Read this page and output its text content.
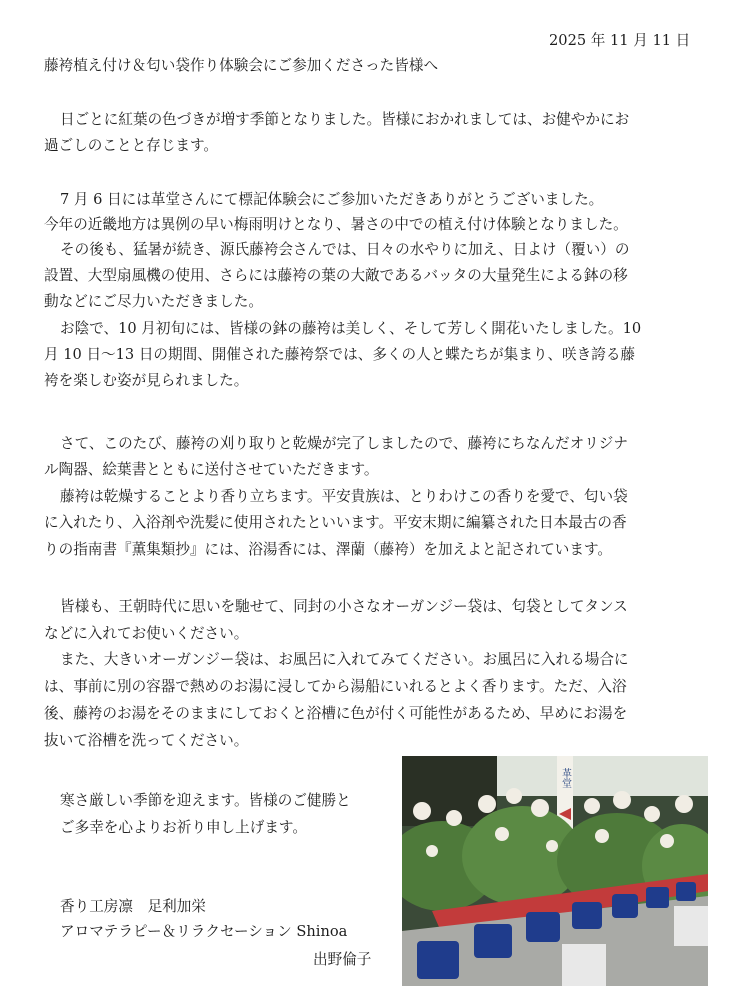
2025 年 11 月 11 日
藤袴植え付け＆匂い袋作り体験会にご参加くださった皆様へ
日ごとに紅葉の色づきが増す季節となりました。皆様におかれましては、お健やかにお
過ごしのことと存じます。
7 月 6 日には革堂さんにて標記体験会にご参加いただきありがとうございました。
今年の近畿地方は異例の早い梅雨明けとなり、暑さの中での植え付け体験となりました。
その後も、猛暑が続き、源氏藤袴会さんでは、日々の水やりに加え、日よけ（覆い）の
設置、大型扇風機の使用、さらには藤袴の葉の大敵であるバッタの大量発生による鉢の移
動などにご尽力いただきました。
お陰で、10 月初旬には、皆様の鉢の藤袴は美しく、そして芳しく開花いたしました。10
月 10 日〜13 日の期間、開催された藤袴祭では、多くの人と蝶たちが集まり、咲き誇る藤
袴を楽しむ姿が見られました。
さて、このたび、藤袴の刈り取りと乾燥が完了しましたので、藤袴にちなんだオリジナ
ル陶器、絵葉書とともに送付させていただきます。
藤袴は乾燥することより香り立ちます。平安貴族は、とりわけこの香りを愛で、匂い袋
に入れたり、入浴剤や洗髪に使用されたといいます。平安末期に編纂された日本最古の香
りの指南書『薫集類抄』には、浴湯香には、澤蘭（藤袴）を加えよと記されています。
皆様も、王朝時代に思いを馳せて、同封の小さなオーガンジー袋は、匂袋としてタンス
などに入れてお使いください。
また、大きいオーガンジー袋は、お風呂に入れてみてください。お風呂に入れる場合に
は、事前に別の容器で熱めのお湯に浸してから湯船にいれるとよく香ります。ただ、入浴
後、藤袴のお湯をそのままにしておくと浴槽に色が付く可能性があるため、早めにお湯を
抜いて浴槽を洗ってください。
寒さ厳しい季節を迎えます。皆様のご健勝と
ご多幸を心よりお祈り申し上げます。
香り工房凛　足利加栄
アロマテラピー＆リラクセーション Shinoa
出野倫子
革堂
